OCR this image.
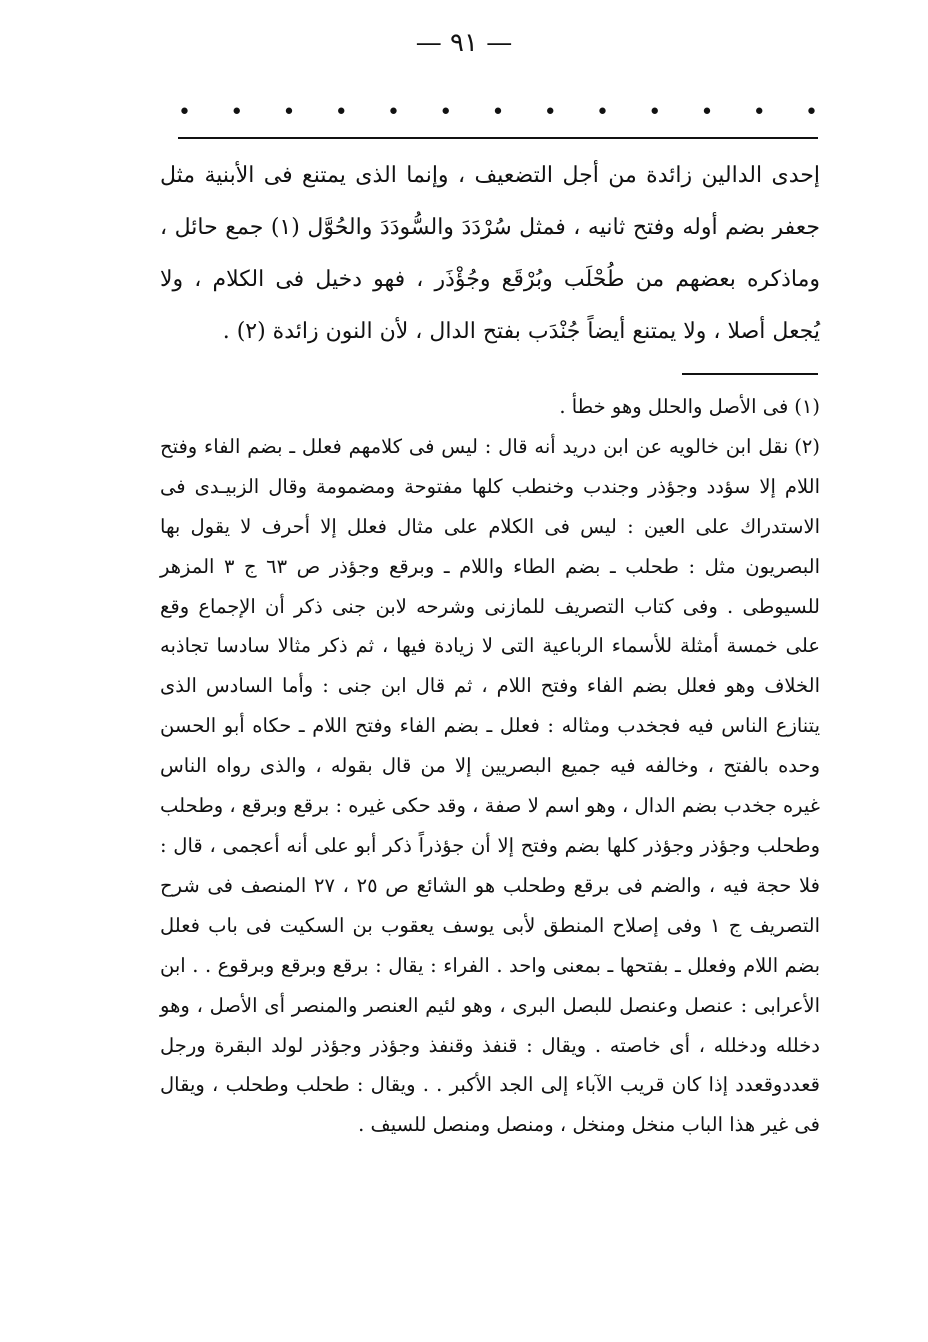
— ٩١ —
• • • • • • • • • • • • •
إحدى الدالين زائدة من أجل التضعيف ، وإنما الذى يمتنع فى الأبنية مثل جعفر بضم أوله وفتح ثانيه ، فمثل سُرْدَدَ والسُّودَدَ والحُوَّل (١) جمع حائل ، وماذكره بعضهم من طُحْلَب وبُرْقَع وجُؤْذَر ، فهو دخيل فى الكلام ، ولا يُجعل أصلا ، ولا يمتنع أيضاً جُنْدَب بفتح الدال ، لأن النون زائدة (٢) .

(١)فى الأصل والحلل وهو خطأ .

(٢)نقل ابن خالويه عن ابن دريد أنه قال : ليس فى كلامهم فعلل ـ بضم الفاء وفتح اللام إلا سؤدد وجؤذر وجندب وخنطب كلها مفتوحة ومضمومة وقال الزبيـدى فى الاستدراك على العين : ليس فى الكلام على مثال فعلل إلا أحرف لا يقول بها البصريون مثل : طحلب ـ بضم الطاء واللام ـ وبرقع وجؤذر ص ٦٣ ج ٣ المزهر للسيوطى . وفى كتاب التصريف للمازنى وشرحه لابن جنى ذكر أن الإجماع وقع على خمسة أمثلة للأسماء الرباعية التى لا زيادة فيها ، ثم ذكر مثالا سادسا تجاذبه الخلاف وهو فعلل بضم الفاء وفتح اللام ، ثم قال ابن جنى : وأما السادس الذى يتنازع الناس فيه فجخدب ومثاله : فعلل ـ بضم الفاء وفتح اللام ـ حكاه أبو الحسن وحده بالفتح ، وخالفه فيه جميع البصريين إلا من قال بقوله ، والذى رواه الناس غيره جخدب بضم الدال ، وهو اسم لا صفة ، وقد حكى غيره : برقع وبرقع ، وطحلب وطحلب وجؤذر وجؤذر كلها بضم وفتح إلا أن جؤذراً ذكر أبو على أنه أعجمى ، قال : فلا حجة فيه ، والضم فى برقع وطحلب هو الشائع ص ٢٥ ، ٢٧ المنصف فى شرح التصريف ج ١ وفى إصلاح المنطق لأبى يوسف يعقوب بن السكيت فى باب فعلل بضم اللام وفعلل ـ بفتحها ـ بمعنى واحد . الفراء : يقال : برقع وبرقع وبرقوع . . ابن الأعرابى : عنصل وعنصل للبصل البرى ، وهو لئيم العنصر والمنصر أى الأصل ، وهو دخلله ودخلله ، أى خاصته . ويقال : قنفذ وقنفذ وجؤذر وجؤذر لولد البقرة ورجل قعددوقعدد إذا كان قريب الآباء إلى الجد الأكبر . . ويقال : طحلب وطحلب ، ويقال فى غير هذا الباب منخل ومنخل ، ومنصل ومنصل للسيف .
